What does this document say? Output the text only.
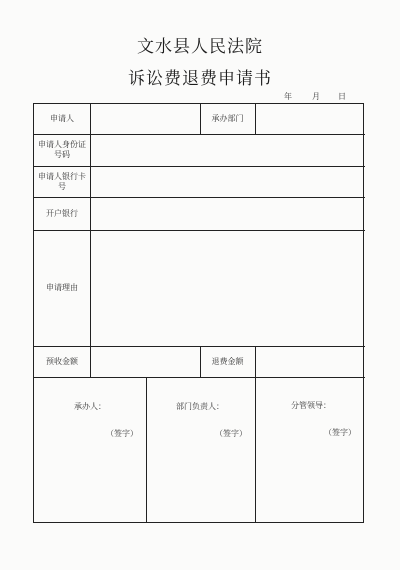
文水县人民法院
诉讼费退费申请书
年	月 日
申请人	承办部门
申请人身份证号码
申请人银行卡号
开户银行
申请理由
预收金额	退费金额
承办人：
（签字）
部门负责人：
（签字）
分管领导：
（签字）
